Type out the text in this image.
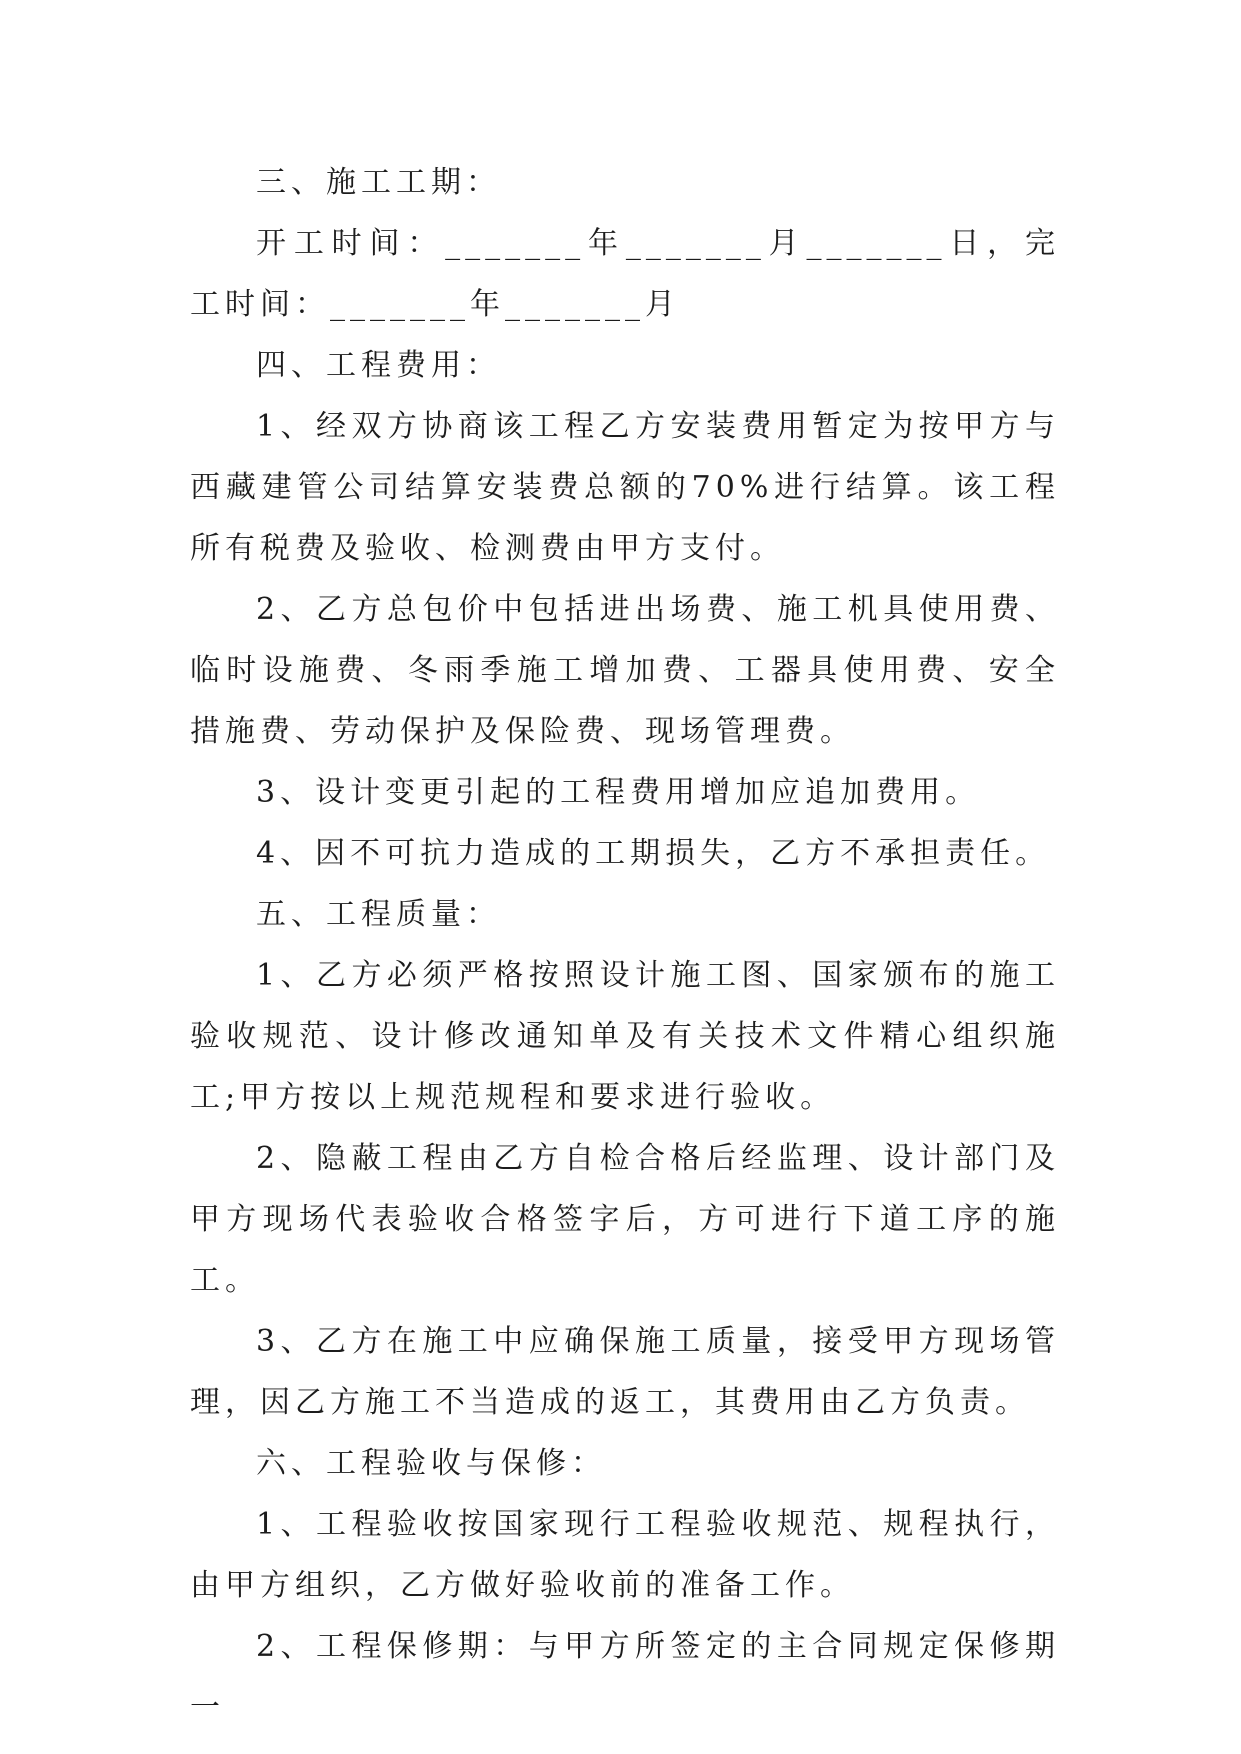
三、施工工期：

开工时间：_______年_______月_______日，完工时间：_______年_______月

四、工程费用：

1、经双方协商该工程乙方安装费用暂定为按甲方与西藏建管公司结算安装费总额的70%进行结算。该工程所有税费及验收、检测费由甲方支付。

2、乙方总包价中包括进出场费、施工机具使用费、临时设施费、冬雨季施工增加费、工器具使用费、安全措施费、劳动保护及保险费、现场管理费。

3、设计变更引起的工程费用增加应追加费用。

4、因不可抗力造成的工期损失，乙方不承担责任。

五、工程质量：

1、乙方必须严格按照设计施工图、国家颁布的施工验收规范、设计修改通知单及有关技术文件精心组织施工;甲方按以上规范规程和要求进行验收。

2、隐蔽工程由乙方自检合格后经监理、设计部门及甲方现场代表验收合格签字后，方可进行下道工序的施工。

3、乙方在施工中应确保施工质量，接受甲方现场管理，因乙方施工不当造成的返工，其费用由乙方负责。

六、工程验收与保修：

1、工程验收按国家现行工程验收规范、规程执行，由甲方组织，乙方做好验收前的准备工作。

2、工程保修期：与甲方所签定的主合同规定保修期一
